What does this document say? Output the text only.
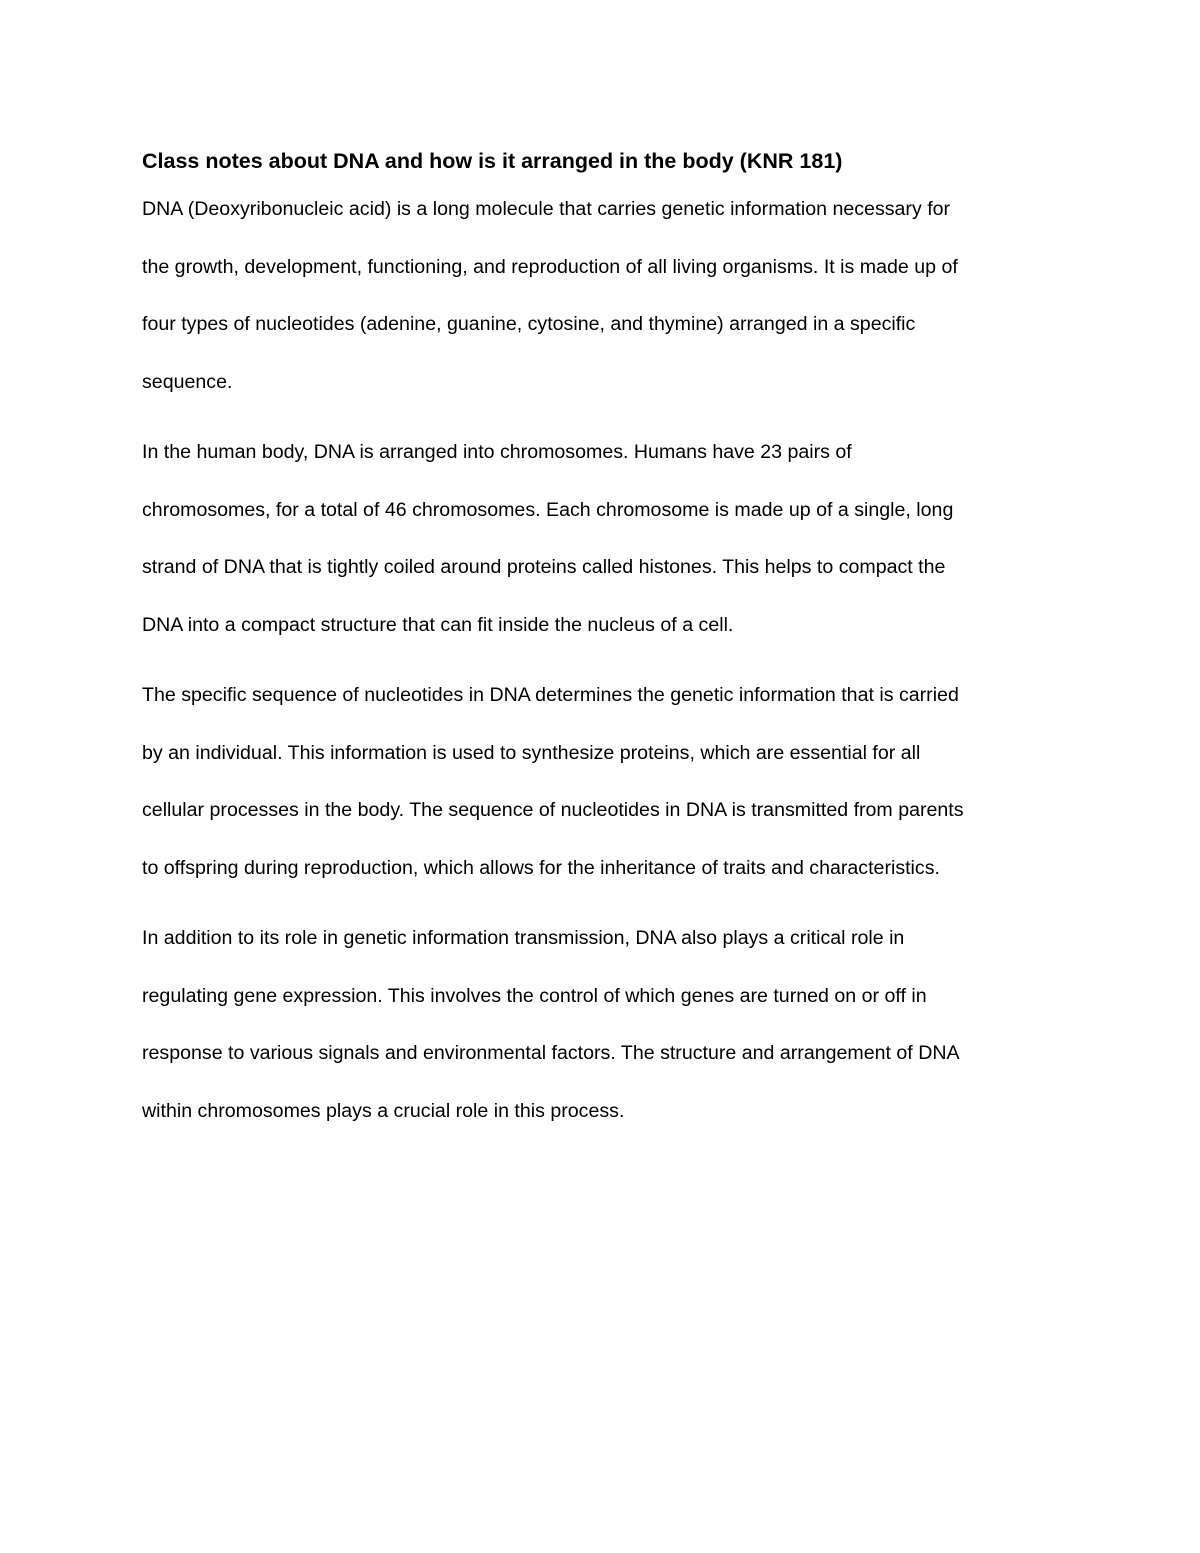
Class notes about DNA and how is it arranged in the body (KNR 181)
DNA (Deoxyribonucleic acid) is a long molecule that carries genetic information necessary for
the growth, development, functioning, and reproduction of all living organisms. It is made up of
four types of nucleotides (adenine, guanine, cytosine, and thymine) arranged in a specific
sequence.
In the human body, DNA is arranged into chromosomes. Humans have 23 pairs of
chromosomes, for a total of 46 chromosomes. Each chromosome is made up of a single, long
strand of DNA that is tightly coiled around proteins called histones. This helps to compact the
DNA into a compact structure that can fit inside the nucleus of a cell.
The specific sequence of nucleotides in DNA determines the genetic information that is carried
by an individual. This information is used to synthesize proteins, which are essential for all
cellular processes in the body. The sequence of nucleotides in DNA is transmitted from parents
to offspring during reproduction, which allows for the inheritance of traits and characteristics.
In addition to its role in genetic information transmission, DNA also plays a critical role in
regulating gene expression. This involves the control of which genes are turned on or off in
response to various signals and environmental factors. The structure and arrangement of DNA
within chromosomes plays a crucial role in this process.
